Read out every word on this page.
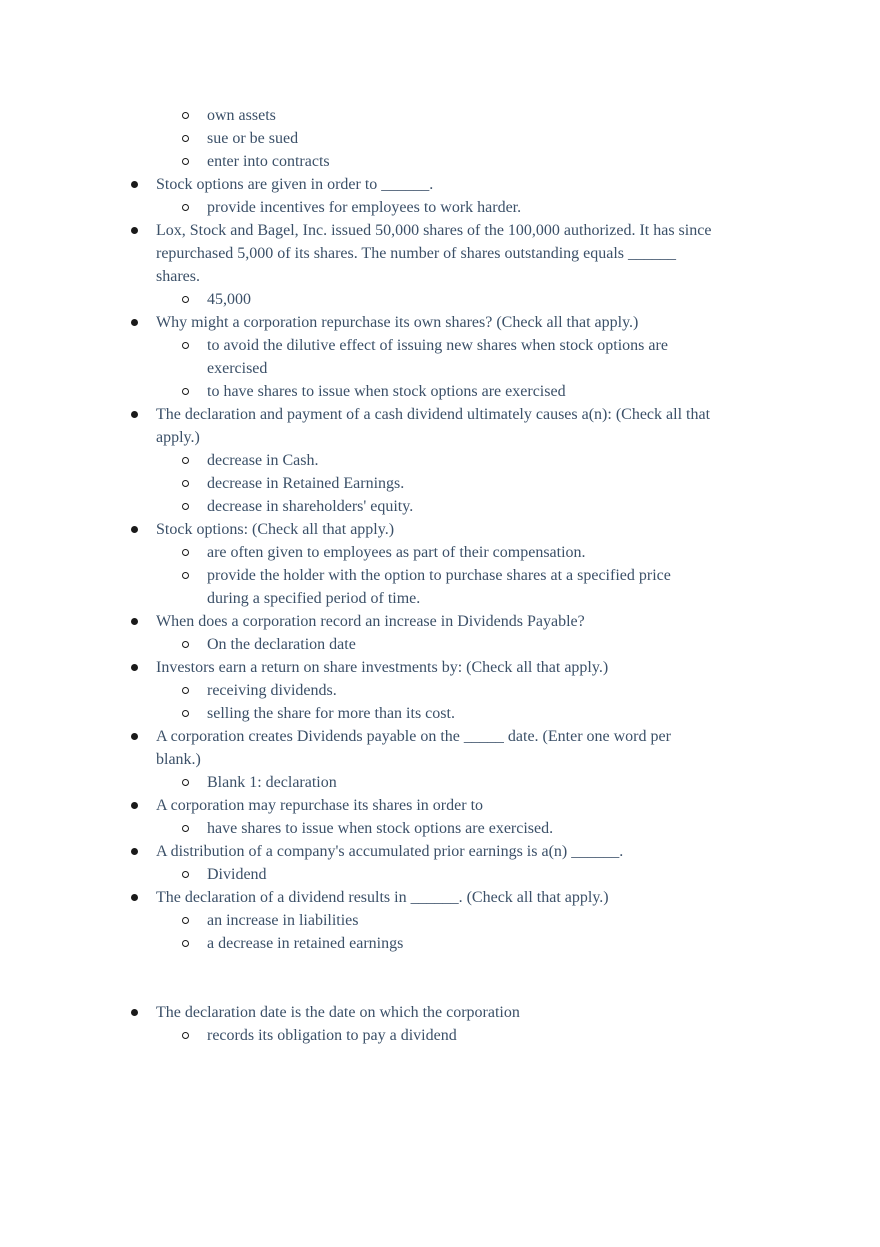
own assets
sue or be sued
enter into contracts
Stock options are given in order to ______.
provide incentives for employees to work harder.
Lox, Stock and Bagel, Inc. issued 50,000 shares of the 100,000 authorized. It has since repurchased 5,000 of its shares. The number of shares outstanding equals ______ shares.
45,000
Why might a corporation repurchase its own shares? (Check all that apply.)
to avoid the dilutive effect of issuing new shares when stock options are exercised
to have shares to issue when stock options are exercised
The declaration and payment of a cash dividend ultimately causes a(n): (Check all that apply.)
decrease in Cash.
decrease in Retained Earnings.
decrease in shareholders' equity.
Stock options: (Check all that apply.)
are often given to employees as part of their compensation.
provide the holder with the option to purchase shares at a specified price during a specified period of time.
When does a corporation record an increase in Dividends Payable?
On the declaration date
Investors earn a return on share investments by: (Check all that apply.)
receiving dividends.
selling the share for more than its cost.
A corporation creates Dividends payable on the _____ date. (Enter one word per blank.)
Blank 1: declaration
A corporation may repurchase its shares in order to
have shares to issue when stock options are exercised.
A distribution of a company's accumulated prior earnings is a(n) ______.
Dividend
The declaration of a dividend results in ______. (Check all that apply.)
an increase in liabilities
a decrease in retained earnings
The declaration date is the date on which the corporation
records its obligation to pay a dividend
